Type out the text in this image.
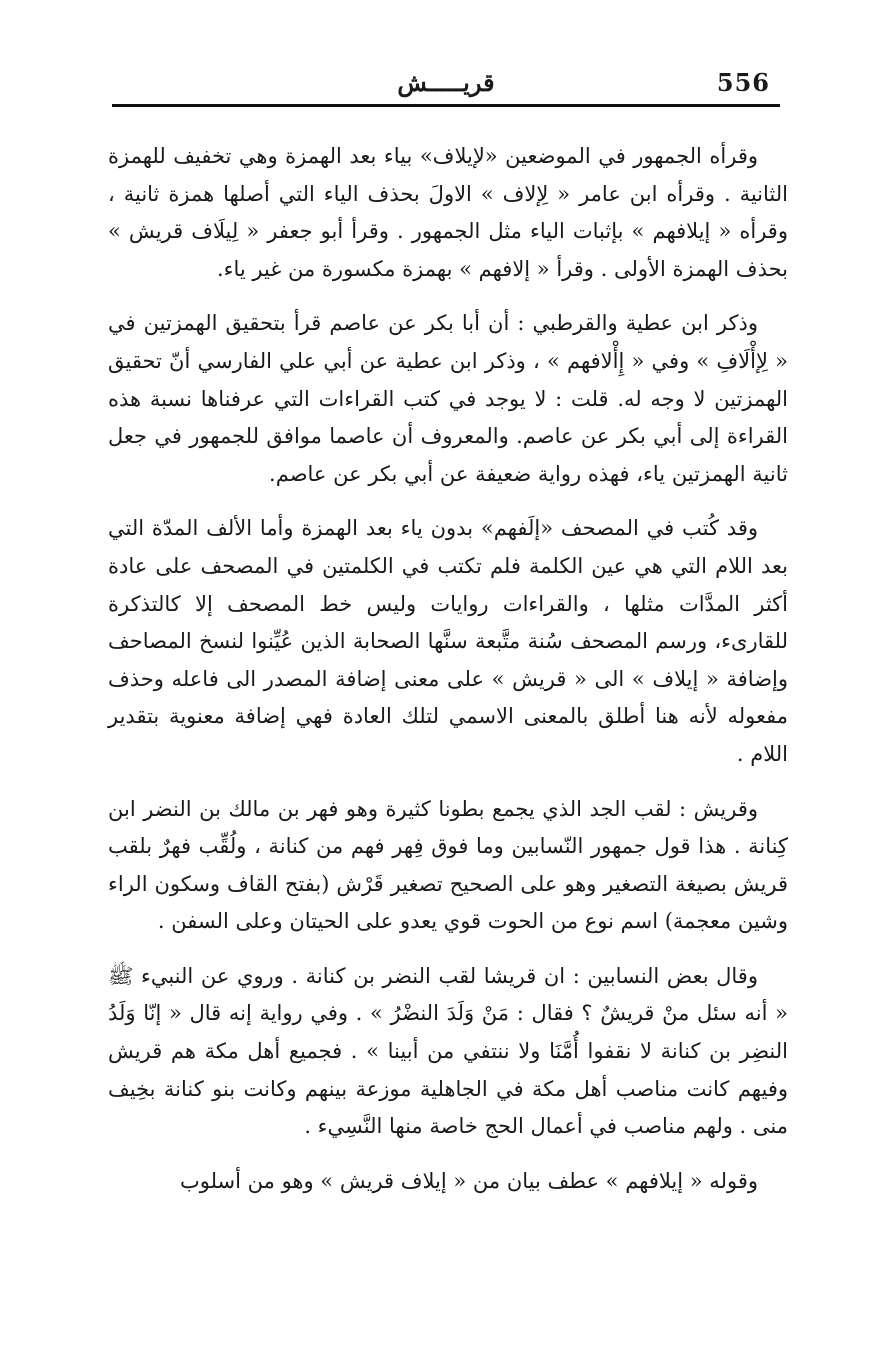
556
قريـــــش

وقرأه الجمهور في الموضعين «لإيلاف» بياء بعد الهمزة وهي تخفيف للهمزة الثانية . وقرأه ابن عامر « لِإلاف » الاولَ بحذف الياء التي أصلها همزة ثانية ، وقرأه « إيلافهم » بإثبات الياء مثل الجمهور . وقرأ أبو جعفر « لِيلَاف قريش » بحذف الهمزة الأولى . وقرأ « إلافهم » بهمزة مكسورة من غير ياء.

وذكر ابن عطية والقرطبي : أن أبا بكر عن عاصم قرأ بتحقيق الهمزتين في « لِإأْلَافِ » وفي « إِأْلافهم » ، وذكر ابن عطية عن أبي علي الفارسي أنّ تحقيق الهمزتين لا وجه له. قلت : لا يوجد في كتب القراءات التي عرفناها نسبة هذه القراءة إلى أبي بكر عن عاصم. والمعروف أن عاصما موافق للجمهور في جعل ثانية الهمزتين ياء، فهذه رواية ضعيفة عن أبي بكر عن عاصم.

وقد كُتب في المصحف «إلَفهم» بدون ياء بعد الهمزة وأما الألف المدّة التي بعد اللام التي هي عين الكلمة فلم تكتب في الكلمتين في المصحف على عادة أكثر المدَّات مثلها ، والقراءات روايات وليس خط المصحف إلا كالتذكرة للقارىء، ورسم المصحف سُنة متَّبعة سنَّها الصحابة الذين عُيِّنوا لنسخ المصاحف وإضافة « إيلاف » الى « قريش » على معنى إضافة المصدر الى فاعله وحذف مفعوله لأنه هنا أطلق بالمعنى الاسمي لتلك العادة فهي إضافة معنوية بتقدير اللام .

وقريش : لقب الجد الذي يجمع بطونا كثيرة وهو فهر بن مالك بن النضر ابن كِنانة . هذا قول جمهور النّسابين وما فوق فِهر فهم من كنانة ، ولُقِّب فهرٌ بلقب قريش بصيغة التصغير وهو على الصحيح تصغير قَرْش (بفتح القاف وسكون الراء وشين معجمة) اسم نوع من الحوت قوي يعدو على الحيتان وعلى السفن .

وقال بعض النسابين : ان قريشا لقب النضر بن كنانة . وروي عن النبيء ﷺ « أنه سئل منْ قريشٌ ؟ فقال : مَنْ وَلَدَ النضْرُ » . وفي رواية إنه قال « إنّا وَلَدُ النضِر بن كنانة لا نقفوا أُمَّنَا ولا ننتفي من أبينا » . فجميع أهل مكة هم قريش وفيهم كانت مناصب أهل مكة في الجاهلية موزعة بينهم وكانت بنو كنانة بخِيف منى . ولهم مناصب في أعمال الحج خاصة منها النَّسِيء .

وقوله « إيلافهم » عطف بيان من « إيلاف قريش » وهو من أسلوب
